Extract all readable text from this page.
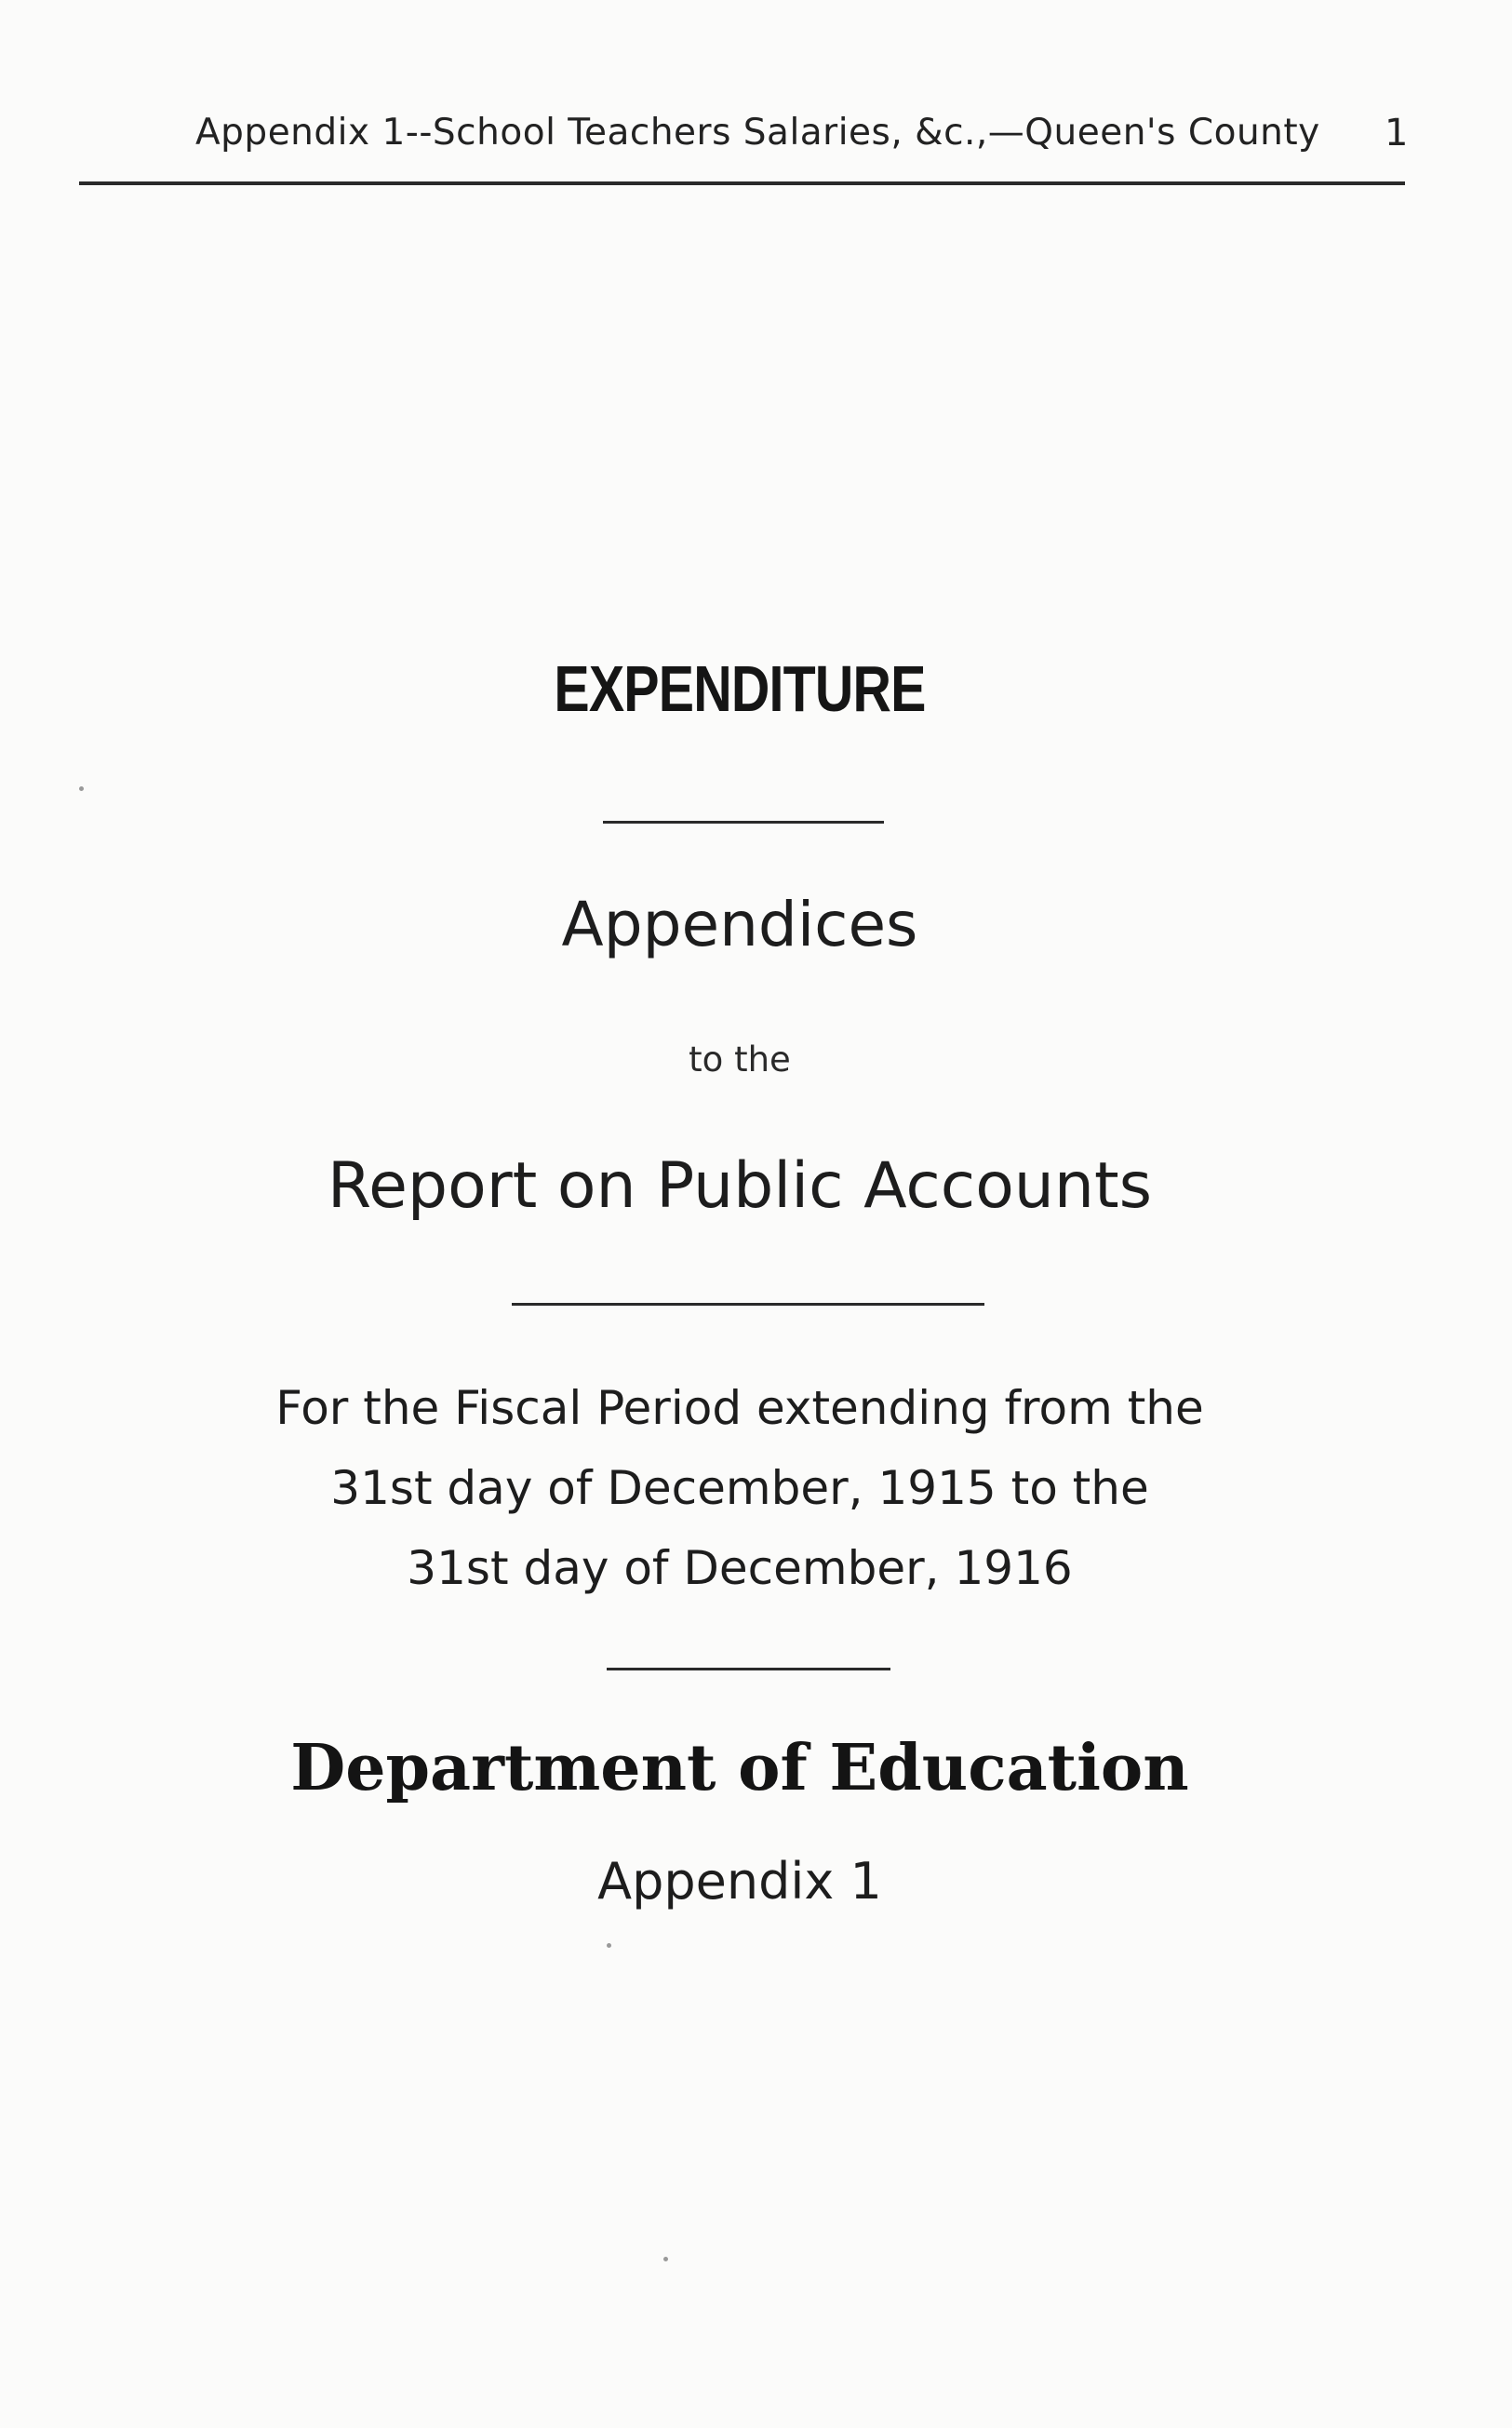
Appendix 1--School Teachers Salaries, &c.,—Queen's County 1
EXPENDITURE
Appendices
to the
Report on Public Accounts
For the Fiscal Period extending from the
31st day of December, 1915 to the
31st day of December, 1916
Department of Education
Appendix 1
